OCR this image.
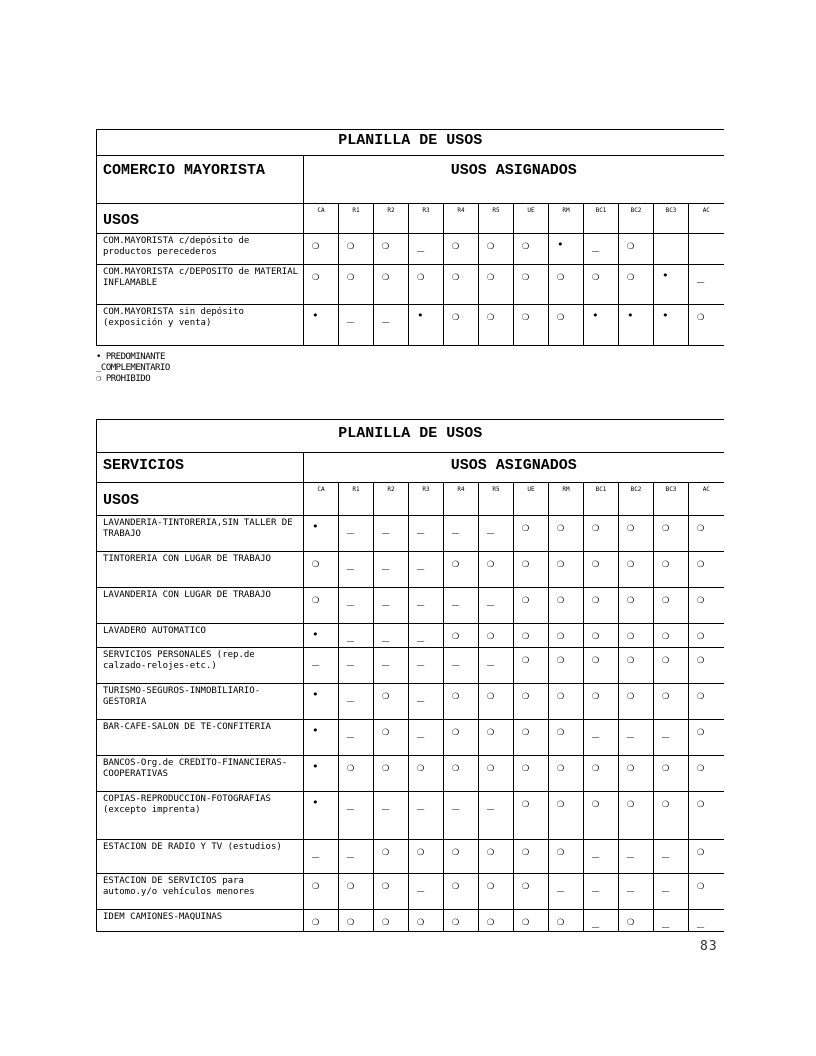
PLANILLA DE USOS												
COMERCIO MAYORISTA	USOS ASIGNADOS											
USOS	CA	R1	R2	R3	R4	R5	UE	RM	BC1	BC2	BC3	AC
COM.MAYORISTA c/depósito de productos perecederos	❍	❍	❍	_	❍	❍	❍	•	_	❍		
COM.MAYORISTA c/DEPOSITO de MATERIAL INFLAMABLE	❍	❍	❍	❍	❍	❍	❍	❍	❍	❍	•	_
COM.MAYORISTA sin depósito (exposición y venta)	•	_	_	•	❍	❍	❍	❍	•	•	•	❍
• PREDOMINANTE
_COMPLEMENTARIO
❍ PROHIBIDO
PLANILLA DE USOS												
SERVICIOS	USOS ASIGNADOS											
USOS	CA	R1	R2	R3	R4	R5	UE	RM	BC1	BC2	BC3	AC
LAVANDERIA-TINTORERIA,SIN TALLER DE TRABAJO	•	_	_	_	_	_	❍	❍	❍	❍	❍	❍
TINTORERIA CON LUGAR DE TRABAJO	❍	_	_	_	❍	❍	❍	❍	❍	❍	❍	❍
LAVANDERIA CON LUGAR DE TRABAJO	❍	_	_	_	_	_	❍	❍	❍	❍	❍	❍
LAVADERO AUTOMATICO	•	_	_	_	❍	❍	❍	❍	❍	❍	❍	❍
SERVICIOS PERSONALES (rep.de calzado-relojes-etc.)	_	_	_	_	_	_	❍	❍	❍	❍	❍	❍
TURISMO-SEGUROS-INMOBILIARIO-GESTORIA	•	_	❍	_	❍	❍	❍	❍	❍	❍	❍	❍
BAR-CAFE-SALON DE TE-CONFITERIA	•	_	❍	_	❍	❍	❍	❍	_	_	_	❍
BANCOS-Org.de CREDITO-FINANCIERAS-COOPERATIVAS	•	❍	❍	❍	❍	❍	❍	❍	❍	❍	❍	❍
COPIAS-REPRODUCCION-FOTOGRAFIAS (excepto imprenta)	•	_	_	_	_	_	❍	❍	❍	❍	❍	❍
ESTACION DE RADIO Y TV (estudios)	_	_	❍	❍	❍	❍	❍	❍	_	_	_	❍
ESTACION DE SERVICIOS para automo.y/o vehículos menores	❍	❍	❍	_	❍	❍	❍	_	_	_	_	❍
IDEM CAMIONES-MAQUINAS	❍	❍	❍	❍	❍	❍	❍	❍	_	❍	_	_
83
